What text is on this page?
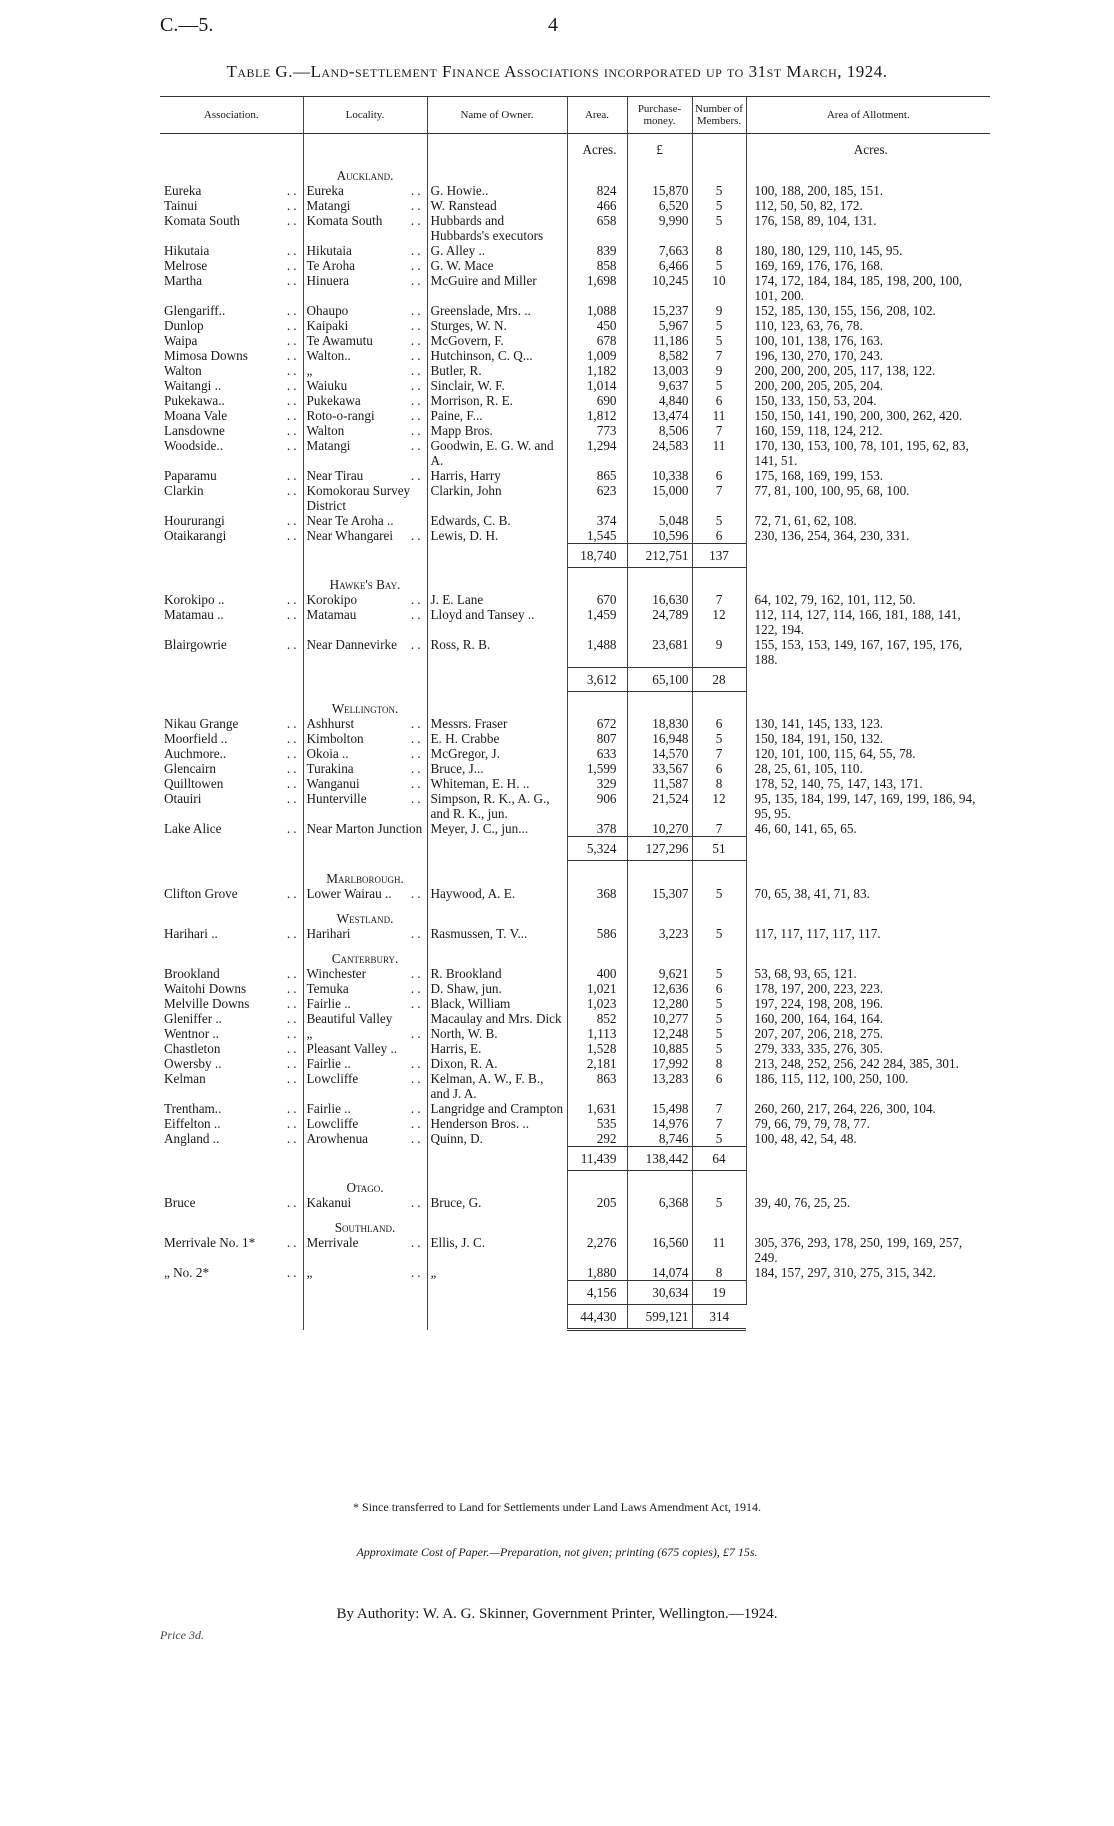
C.—5.	4
Table G.—Land-settlement Finance Associations incorporated up to 31st March, 1924.
Association.	Locality.	Name of Owner.	Area.	Purchase-money.	Number of Members.	Area of Allotment.
			Acres.	£		Acres.
	Auckland.					
Eureka ..	Eureka ..	G. Howie..	824	15,870	5	100, 188, 200, 185, 151.
Tainui ..	Matangi ..	W. Ranstead	466	6,520	5	112, 50, 50, 82, 172.
Komata South ..	Komata South ..	Hubbards and Hubbards's executors	658	9,990	5	176, 158, 89, 104, 131.
Hikutaia ..	Hikutaia ..	G. Alley ..	839	7,663	8	180, 180, 129, 110, 145, 95.
Melrose ..	Te Aroha ..	G. W. Mace	858	6,466	5	169, 169, 176, 176, 168.
Martha ..	Hinuera ..	McGuire and Miller	1,698	10,245	10	174, 172, 184, 184, 185, 198, 200, 100, 101, 200.
Glengariff.. ..	Ohaupo ..	Greenslade, Mrs. ..	1,088	15,237	9	152, 185, 130, 155, 156, 208, 102.
Dunlop ..	Kaipaki ..	Sturges, W. N.	450	5,967	5	110, 123, 63, 76, 78.
Waipa ..	Te Awamutu ..	McGovern, F.	678	11,186	5	100, 101, 138, 176, 163.
Mimosa Downs ..	Walton.. ..	Hutchinson, C. Q...	1,009	8,582	7	196, 130, 270, 170, 243.
Walton ..	„ ..	Butler, R.	1,182	13,003	9	200, 200, 200, 205, 117, 138, 122.
Waitangi .. ..	Waiuku ..	Sinclair, W. F.	1,014	9,637	5	200, 200, 205, 205, 204.
Pukekawa.. ..	Pukekawa ..	Morrison, R. E.	690	4,840	6	150, 133, 150, 53, 204.
Moana Vale ..	Roto-o-rangi ..	Paine, F...	1,812	13,474	11	150, 150, 141, 190, 200, 300, 262, 420.
Lansdowne ..	Walton ..	Mapp Bros.	773	8,506	7	160, 159, 118, 124, 212.
Woodside.. ..	Matangi ..	Goodwin, E. G. W. and A.	1,294	24,583	11	170, 130, 153, 100, 78, 101, 195, 62, 83, 141, 51.
Paparamu ..	Near Tirau ..	Harris, Harry	865	10,338	6	175, 168, 169, 199, 153.
Clarkin ..	Komokorau Survey District	Clarkin, John	623	15,000	7	77, 81, 100, 100, 95, 68, 100.
Hoururangi ..	Near Te Aroha ..	Edwards, C. B.	374	5,048	5	72, 71, 61, 62, 108.
Otaikarangi ..	Near Whangarei ..	Lewis, D. H.	1,545	10,596	6	230, 136, 254, 364, 230, 331.
			18,740	212,751	137	
	Hawke's Bay.					
Korokipo .. ..	Korokipo ..	J. E. Lane	670	16,630	7	64, 102, 79, 162, 101, 112, 50.
Matamau .. ..	Matamau ..	Lloyd and Tansey ..	1,459	24,789	12	112, 114, 127, 114, 166, 181, 188, 141, 122, 194.
Blairgowrie ..	Near Dannevirke ..	Ross, R. B.	1,488	23,681	9	155, 153, 153, 149, 167, 167, 195, 176, 188.
			3,612	65,100	28	
	Wellington.					
Nikau Grange ..	Ashhurst ..	Messrs. Fraser	672	18,830	6	130, 141, 145, 133, 123.
Moorfield .. ..	Kimbolton ..	E. H. Crabbe	807	16,948	5	150, 184, 191, 150, 132.
Auchmore.. ..	Okoia .. ..	McGregor, J.	633	14,570	7	120, 101, 100, 115, 64, 55, 78.
Glencairn ..	Turakina ..	Bruce, J...	1,599	33,567	6	28, 25, 61, 105, 110.
Quilltowen ..	Wanganui ..	Whiteman, E. H. ..	329	11,587	8	178, 52, 140, 75, 147, 143, 171.
Otauiri ..	Hunterville ..	Simpson, R. K., A. G., and R. K., jun.	906	21,524	12	95, 135, 184, 199, 147, 169, 199, 186, 94, 95, 95.
Lake Alice ..	Near Marton Junction	Meyer, J. C., jun...	378	10,270	7	46, 60, 141, 65, 65.
			5,324	127,296	51	
	Marlborough.					
Clifton Grove ..	Lower Wairau .. ..	Haywood, A. E.	368	15,307	5	70, 65, 38, 41, 71, 83.
	Westland.					
Harihari .. ..	Harihari ..	Rasmussen, T. V...	586	3,223	5	117, 117, 117, 117, 117.
	Canterbury.					
Brookland ..	Winchester ..	R. Brookland	400	9,621	5	53, 68, 93, 65, 121.
Waitohi Downs ..	Temuka ..	D. Shaw, jun.	1,021	12,636	6	178, 197, 200, 223, 223.
Melville Downs ..	Fairlie .. ..	Black, William	1,023	12,280	5	197, 224, 198, 208, 196.
Gleniffer .. ..	Beautiful Valley	Macaulay and Mrs. Dick	852	10,277	5	160, 200, 164, 164, 164.
Wentnor .. ..	„ ..	North, W. B.	1,113	12,248	5	207, 207, 206, 218, 275.
Chastleton ..	Pleasant Valley ..	Harris, E.	1,528	10,885	5	279, 333, 335, 276, 305.
Owersby .. ..	Fairlie .. ..	Dixon, R. A.	2,181	17,992	8	213, 248, 252, 256, 242 284, 385, 301.
Kelman ..	Lowcliffe ..	Kelman, A. W., F. B., and J. A.	863	13,283	6	186, 115, 112, 100, 250, 100.
Trentham.. ..	Fairlie .. ..	Langridge and Crampton	1,631	15,498	7	260, 260, 217, 264, 226, 300, 104.
Eiffelton .. ..	Lowcliffe ..	Henderson Bros. ..	535	14,976	7	79, 66, 79, 79, 78, 77.
Angland .. ..	Arowhenua ..	Quinn, D.	292	8,746	5	100, 48, 42, 54, 48.
			11,439	138,442	64	
	Otago.					
Bruce ..	Kakanui ..	Bruce, G.	205	6,368	5	39, 40, 76, 25, 25.
	Southland.					
Merrivale No. 1* ..	Merrivale ..	Ellis, J. C.	2,276	16,560	11	305, 376, 293, 178, 250, 199, 169, 257, 249.
„ No. 2* ..	„ ..	„	1,880	14,074	8	184, 157, 297, 310, 275, 315, 342.
			4,156	30,634	19	
			44,430	599,121	314	
* Since transferred to Land for Settlements under Land Laws Amendment Act, 1914.
Approximate Cost of Paper.—Preparation, not given; printing (675 copies), £7 15s.
By Authority: W. A. G. Skinner, Government Printer, Wellington.—1924.
Price 3d.
